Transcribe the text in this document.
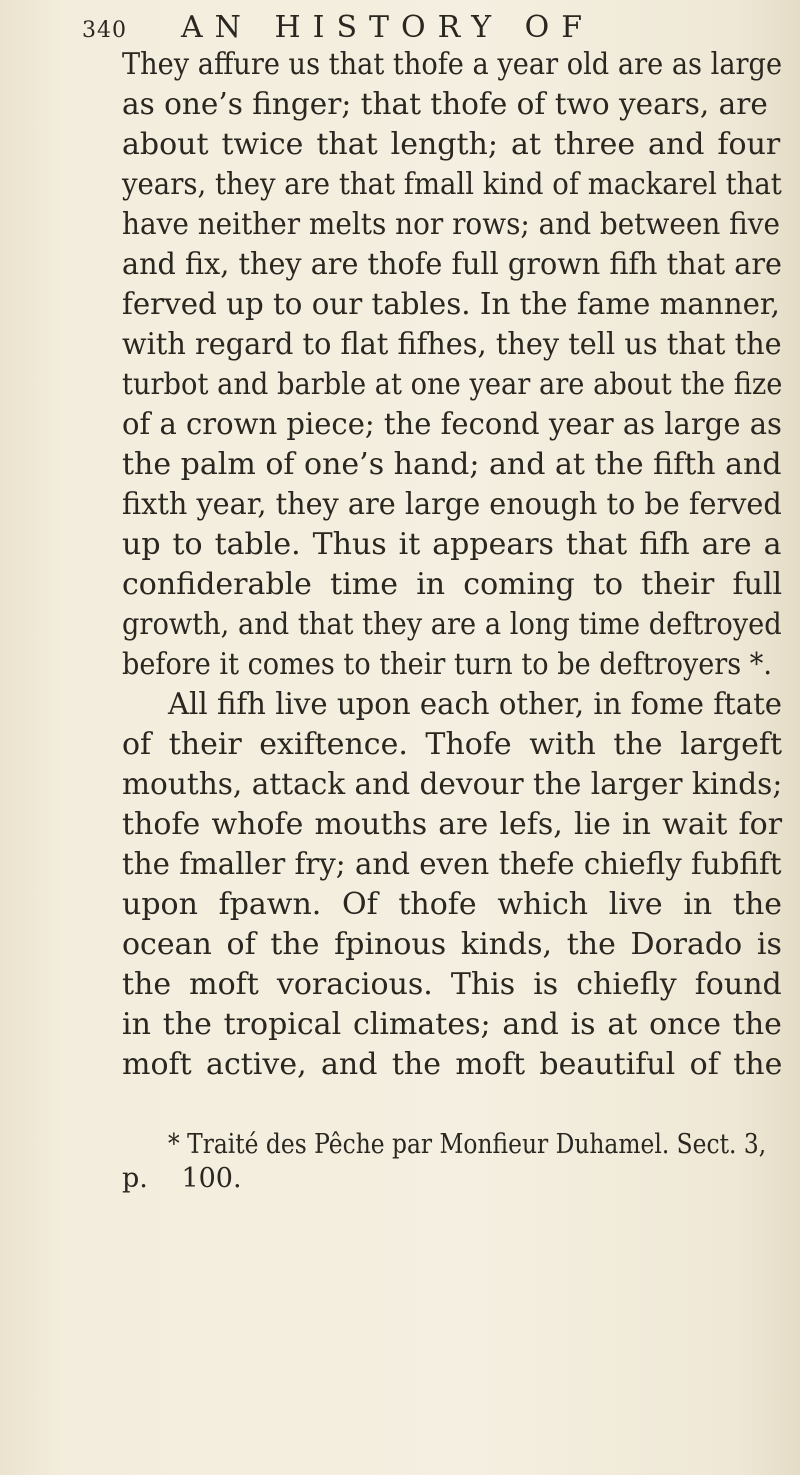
340 AN HISTORY OF
They affure us that thofe a year old are as large
as one’s finger; that thofe of two years, are
about twice that length; at three and four
years, they are that fmall kind of mackarel that
have neither melts nor rows; and between five
and fix, they are thofe full grown fifh that are
ferved up to our tables. In the fame manner,
with regard to flat fifhes, they tell us that the
turbot and barble at one year are about the fize
of a crown piece; the fecond year as large as
the palm of one’s hand; and at the fifth and
fixth year, they are large enough to be ferved
up to table. Thus it appears that fifh are a
confiderable time in coming to their full
growth, and that they are a long time deftroyed
before it comes to their turn to be deftroyers *.
All fifh live upon each other, in fome ftate
of their exiftence. Thofe with the largeft
mouths, attack and devour the larger kinds;
thofe whofe mouths are lefs, lie in wait for
the fmaller fry; and even thefe chiefly fubfift
upon fpawn. Of thofe which live in the
ocean of the fpinous kinds, the Dorado is
the moft voracious. This is chiefly found
in the tropical climates; and is at once the
moft active, and the moft beautiful of the
* Traité des Pêche par Monfieur Duhamel. Sect. 3,
p. 100.
